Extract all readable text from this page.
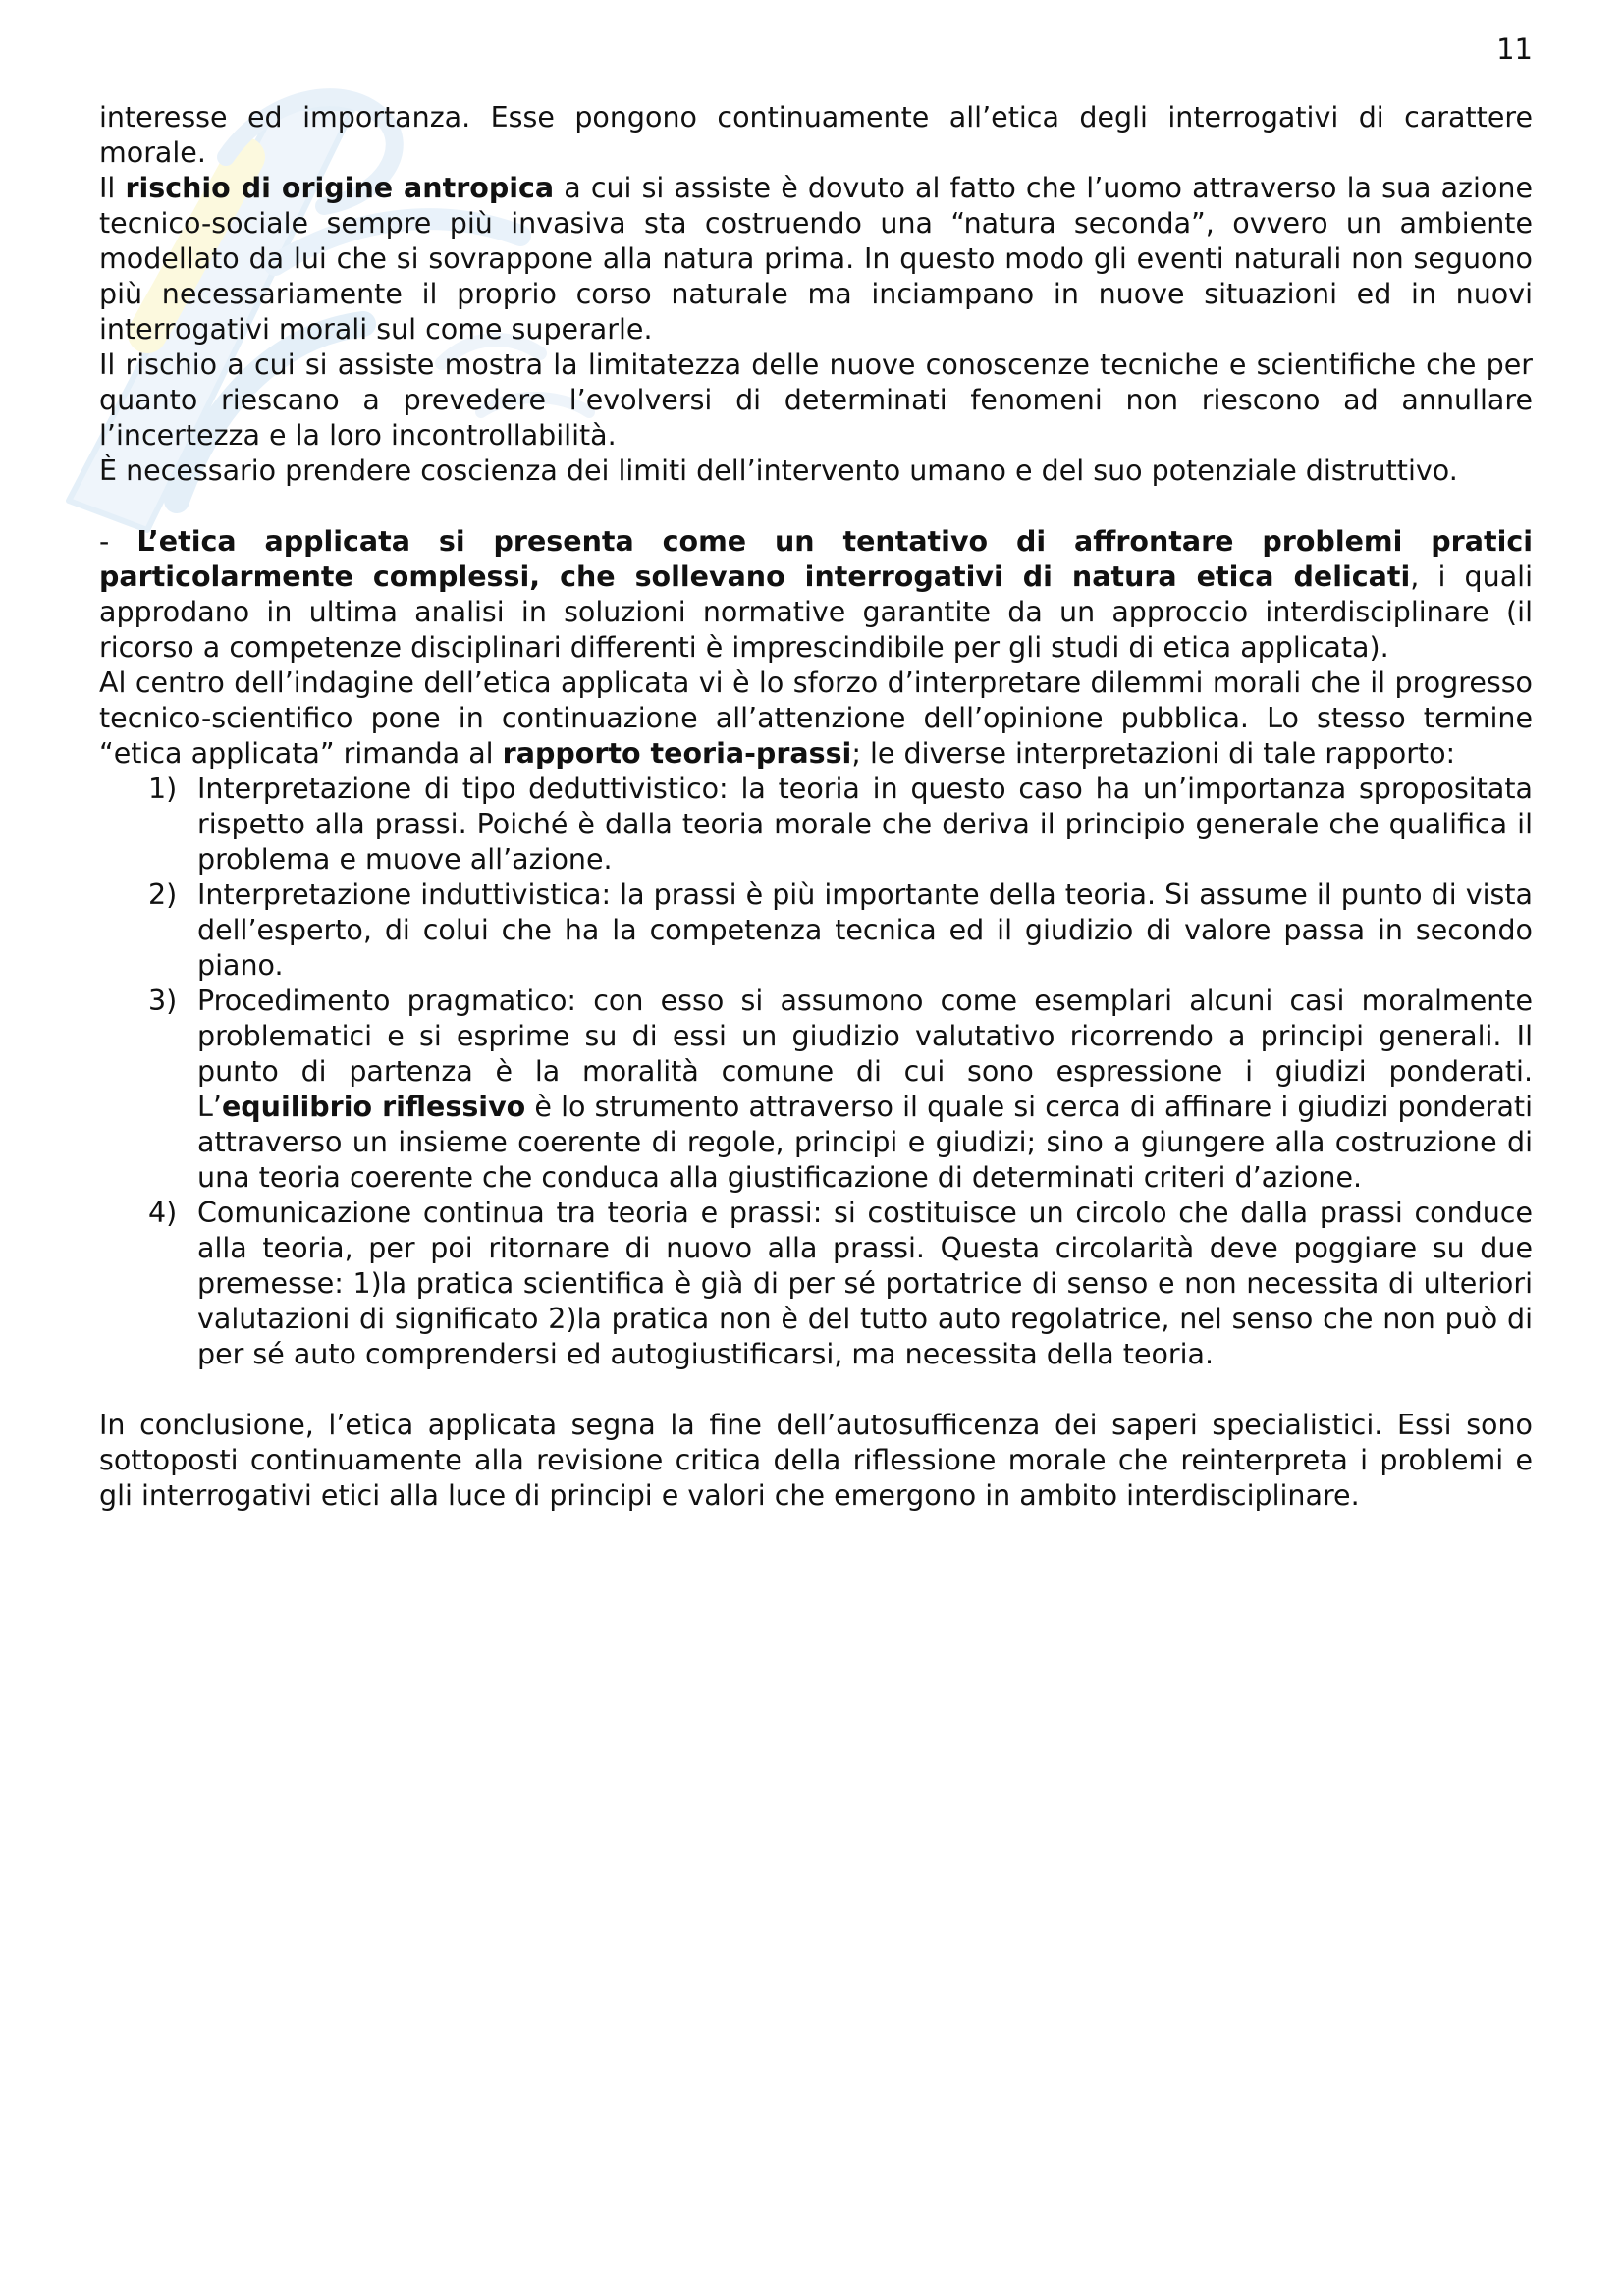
11

interesse ed importanza. Esse pongono continuamente all’etica degli interrogativi di carattere morale.

Il rischio di origine antropica a cui si assiste è dovuto al fatto che l’uomo attraverso la sua azione tecnico-sociale sempre più invasiva sta costruendo una “natura seconda”, ovvero un ambiente modellato da lui che si sovrappone alla natura prima. In questo modo gli eventi naturali non seguono più necessariamente il proprio corso naturale ma inciampano in nuove situazioni ed in nuovi interrogativi morali sul come superarle.

Il rischio a cui si assiste mostra la limitatezza delle nuove conoscenze tecniche e scientifiche che per quanto riescano a prevedere l’evolversi di determinati fenomeni non riescono ad annullare l’incertezza e la loro incontrollabilità.

È necessario prendere coscienza dei limiti dell’intervento umano e del suo potenziale distruttivo.

- L’etica applicata si presenta come un tentativo di affrontare problemi pratici particolarmente complessi, che sollevano interrogativi di natura etica delicati, i quali approdano in ultima analisi in soluzioni normative garantite da un approccio interdisciplinare (il ricorso a competenze disciplinari differenti è imprescindibile per gli studi di etica applicata).

Al centro dell’indagine dell’etica applicata vi è lo sforzo d’interpretare dilemmi morali che il progresso tecnico-scientifico pone in continuazione all’attenzione dell’opinione pubblica. Lo stesso termine “etica applicata” rimanda al rapporto teoria-prassi; le diverse interpretazioni di tale rapporto:

1) Interpretazione di tipo deduttivistico: la teoria in questo caso ha un’importanza spropositata rispetto alla prassi. Poiché è dalla teoria morale che deriva il principio generale che qualifica il problema e muove all’azione.
2) Interpretazione induttivistica: la prassi è più importante della teoria. Si assume il punto di vista dell’esperto, di colui che ha la competenza tecnica ed il giudizio di valore passa in secondo piano.
3) Procedimento pragmatico: con esso si assumono come esemplari alcuni casi moralmente problematici e si esprime su di essi un giudizio valutativo ricorrendo a principi generali. Il punto di partenza è la moralità comune di cui sono espressione i giudizi ponderati. L’equilibrio riflessivo è lo strumento attraverso il quale si cerca di affinare i giudizi ponderati attraverso un insieme coerente di regole, principi e giudizi; sino a giungere alla costruzione di una teoria coerente che conduca alla giustificazione di determinati criteri d’azione.
4) Comunicazione continua tra teoria e prassi: si costituisce un circolo che dalla prassi conduce alla teoria, per poi ritornare di nuovo alla prassi. Questa circolarità deve poggiare su due premesse: 1)la pratica scientifica è già di per sé portatrice di senso e non necessita di ulteriori valutazioni di significato 2)la pratica non è del tutto auto regolatrice, nel senso che non può di per sé auto comprendersi ed autogiustificarsi, ma necessita della teoria.

In conclusione, l’etica applicata segna la fine dell’autosufficenza dei saperi specialistici. Essi sono sottoposti continuamente alla revisione critica della riflessione morale che reinterpreta i problemi e gli interrogativi etici alla luce di principi e valori che emergono in ambito interdisciplinare.
